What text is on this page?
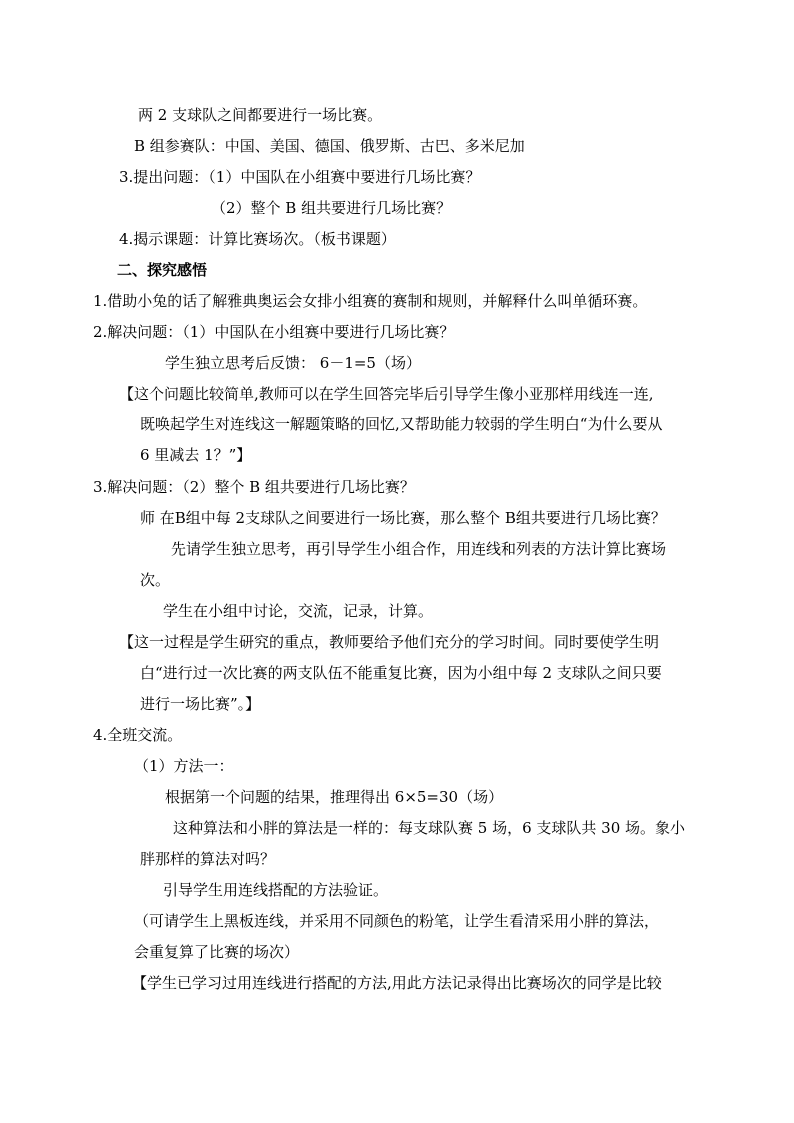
两 2 支球队之间都要进行一场比赛。
B 组参赛队：中国、美国、德国、俄罗斯、古巴、多米尼加
3.提出问题：（1）中国队在小组赛中要进行几场比赛？
（2）整个 B 组共要进行几场比赛？
4.揭示课题：计算比赛场次。（板书课题）
二、探究感悟
1.借助小兔的话了解雅典奥运会女排小组赛的赛制和规则，并解释什么叫单循环赛。
2.解决问题：（1）中国队在小组赛中要进行几场比赛？
学生独立思考后反馈： 6－1=5（场）
【这个问题比较简单,教师可以在学生回答完毕后引导学生像小亚那样用线连一连,
既唤起学生对连线这一解题策略的回忆,又帮助能力较弱的学生明白“为什么要从
6 里减去 1？”】
3.解决问题：（2）整个 B 组共要进行几场比赛？
师 在B组中每 2支球队之间要进行一场比赛，那么整个 B组共要进行几场比赛？
先请学生独立思考，再引导学生小组合作，用连线和列表的方法计算比赛场
次。
学生在小组中讨论，交流，记录，计算。
【这一过程是学生研究的重点，教师要给予他们充分的学习时间。同时要使学生明
白“进行过一次比赛的两支队伍不能重复比赛，因为小组中每 2 支球队之间只要
进行一场比赛”。】
4.全班交流。
（1）方法一：
根据第一个问题的结果，推理得出 6×5=30（场）
这种算法和小胖的算法是一样的：每支球队赛 5 场，6 支球队共 30 场。象小
胖那样的算法对吗？
引导学生用连线搭配的方法验证。
（可请学生上黑板连线，并采用不同颜色的粉笔，让学生看清采用小胖的算法，
会重复算了比赛的场次）
【学生已学习过用连线进行搭配的方法,用此方法记录得出比赛场次的同学是比较
